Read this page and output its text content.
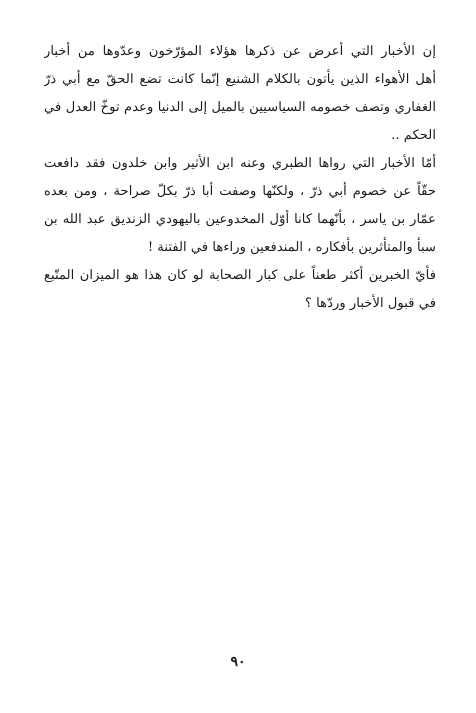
إن الأخبار التي أعرض عن ذكرها هؤلاء المؤرّخون وعدّوها من أخبار
أهل الأهواء الذين يأتون بالكلام الشنيع إنّما كانت تضع الحقّ مع أبي ذرّ
الغفاري وتصف خصومه السياسيين بالميل إلى الدنيا وعدم توخّ العدل في
الحكم ..
أمّا الأخبار التي رواها الطبري وعنه ابن الأثير وابن خلدون فقد دافعت
حقّاً عن خصوم أبي ذرّ ، ولكنّها وصفت أبا ذرّ بكلّ صراحة ، ومن بعده
عمّار بن ياسر ، بأنّهما كانا أوّل المخدوعين باليهودي الزنديق عبد الله بن
سبأ والمتأثرين بأفكاره ، المندفعين وراءها في الفتنة !
فأيّ الخبرين أكثر طعناً على كبار الصحابة لو كان هذا هو الميزان المتّبع
في قبول الأخبار وردّها ؟
٩٠
